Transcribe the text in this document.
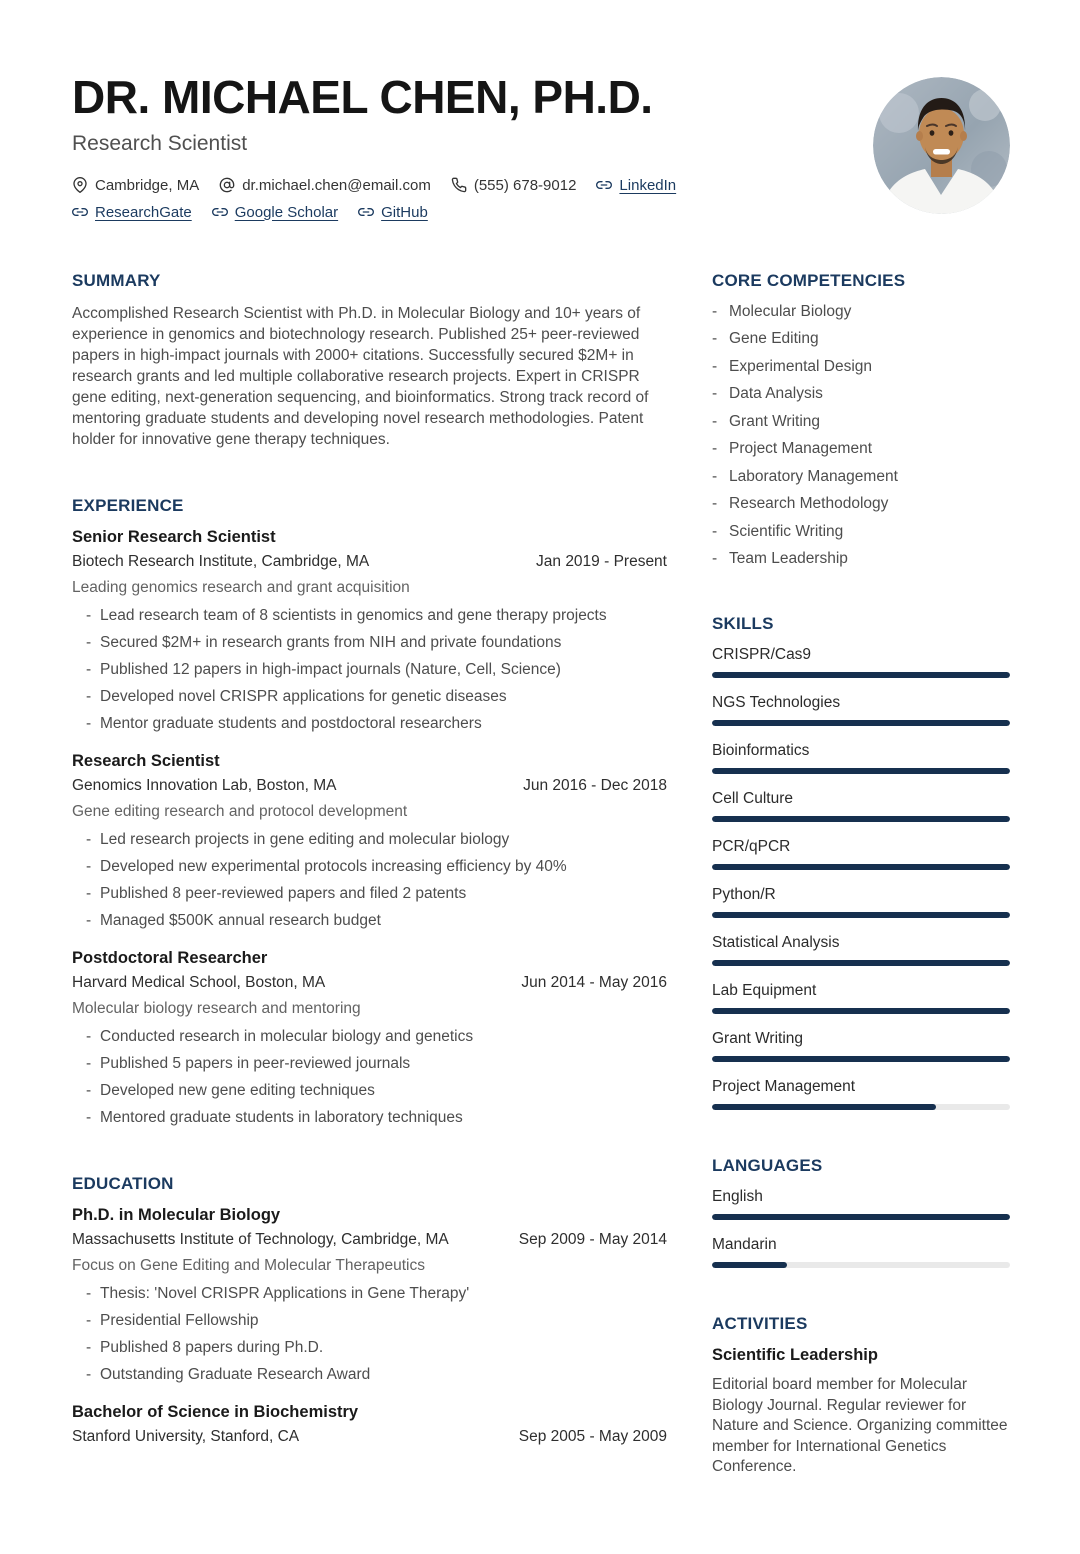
DR. MICHAEL CHEN, PH.D.
Research Scientist
Cambridge, MA	dr.michael.chen@email.com	(555) 678-9012	LinkedIn
ResearchGate	Google Scholar	GitHub
SUMMARY

Accomplished Research Scientist with Ph.D. in Molecular Biology and 10+ years of experience in genomics and biotechnology research. Published 25+ peer-reviewed papers in high-impact journals with 2000+ citations. Successfully secured $2M+ in research grants and led multiple collaborative research projects. Expert in CRISPR gene editing, next-generation sequencing, and bioinformatics. Strong track record of mentoring graduate students and developing novel research methodologies. Patent holder for innovative gene therapy techniques.

EXPERIENCE
Senior Research Scientist
Biotech Research Institute, Cambridge, MA	Jan 2019 - Present
Leading genomics research and grant acquisition
- Lead research team of 8 scientists in genomics and gene therapy projects
- Secured $2M+ in research grants from NIH and private foundations
- Published 12 papers in high-impact journals (Nature, Cell, Science)
- Developed novel CRISPR applications for genetic diseases
- Mentor graduate students and postdoctoral researchers
Research Scientist
Genomics Innovation Lab, Boston, MA	Jun 2016 - Dec 2018
Gene editing research and protocol development
- Led research projects in gene editing and molecular biology
- Developed new experimental protocols increasing efficiency by 40%
- Published 8 peer-reviewed papers and filed 2 patents
- Managed $500K annual research budget
Postdoctoral Researcher
Harvard Medical School, Boston, MA	Jun 2014 - May 2016
Molecular biology research and mentoring
- Conducted research in molecular biology and genetics
- Published 5 papers in peer-reviewed journals
- Developed new gene editing techniques
- Mentored graduate students in laboratory techniques
EDUCATION
Ph.D. in Molecular Biology
Massachusetts Institute of Technology, Cambridge, MA	Sep 2009 - May 2014
Focus on Gene Editing and Molecular Therapeutics
- Thesis: 'Novel CRISPR Applications in Gene Therapy'
- Presidential Fellowship
- Published 8 papers during Ph.D.
- Outstanding Graduate Research Award
Bachelor of Science in Biochemistry
Stanford University, Stanford, CA	Sep 2005 - May 2009
CORE COMPETENCIES
- Molecular Biology
- Gene Editing
- Experimental Design
- Data Analysis
- Grant Writing
- Project Management
- Laboratory Management
- Research Methodology
- Scientific Writing
- Team Leadership
SKILLS
CRISPR/Cas9
NGS Technologies
Bioinformatics
Cell Culture
PCR/qPCR
Python/R
Statistical Analysis
Lab Equipment
Grant Writing
Project Management
LANGUAGES
English
Mandarin
ACTIVITIES
Scientific Leadership

Editorial board member for Molecular Biology Journal. Regular reviewer for Nature and Science. Organizing committee member for International Genetics Conference.
